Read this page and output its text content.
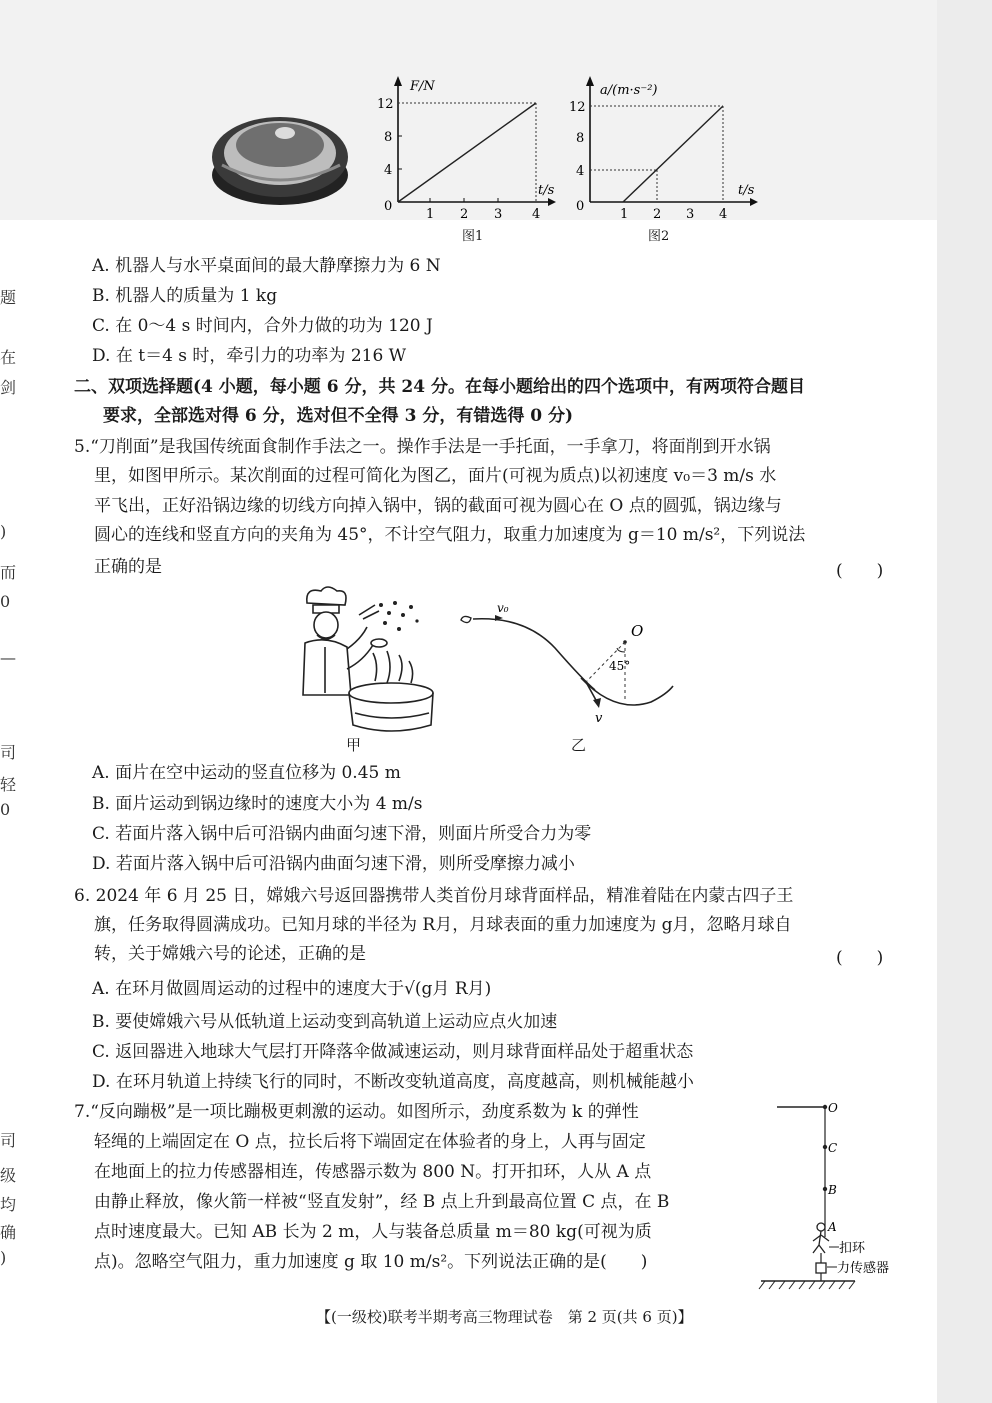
F/N
t/s
0
1 2 3 4
4
8
12
图1
a/(m·s⁻²)
t/s
0
1 2 3 4
4
8
12
图2
题
在
剑
)
而
0
—
司
轻
0
司
级
均
确
)
A. 机器人与水平桌面间的最大静摩擦力为 6 N
B. 机器人的质量为 1 kg
C. 在 0～4 s 时间内，合外力做的功为 120 J
D. 在 t＝4 s 时，牵引力的功率为 216 W
二、双项选择题(4 小题，每小题 6 分，共 24 分。在每小题给出的四个选项中，有两项符合题目
要求，全部选对得 6 分，选对但不全得 3 分，有错选得 0 分)
5.“刀削面”是我国传统面食制作手法之一。操作手法是一手托面，一手拿刀，将面削到开水锅
里，如图甲所示。某次削面的过程可简化为图乙，面片(可视为质点)以初速度 v₀＝3 m/s 水
平飞出，正好沿锅边缘的切线方向掉入锅中，锅的截面可视为圆心在 O 点的圆弧，锅边缘与
圆心的连线和竖直方向的夹角为 45°，不计空气阻力，取重力加速度为 g＝10 m/s²，下列说法
正确的是	(　　)
甲
v₀
O
45°
v
乙
A. 面片在空中运动的竖直位移为 0.45 m
B. 面片运动到锅边缘时的速度大小为 4 m/s
C. 若面片落入锅中后可沿锅内曲面匀速下滑，则面片所受合力为零
D. 若面片落入锅中后可沿锅内曲面匀速下滑，则所受摩擦力减小
6. 2024 年 6 月 25 日，嫦娥六号返回器携带人类首份月球背面样品，精准着陆在内蒙古四子王
旗，任务取得圆满成功。已知月球的半径为 R月，月球表面的重力加速度为 g月，忽略月球自
转，关于嫦娥六号的论述，正确的是	(　　)
A. 在环月做圆周运动的过程中的速度大于√(g月 R月)
B. 要使嫦娥六号从低轨道上运动变到高轨道上运动应点火加速
C. 返回器进入地球大气层打开降落伞做减速运动，则月球背面样品处于超重状态
D. 在环月轨道上持续飞行的同时，不断改变轨道高度，高度越高，则机械能越小
7.“反向蹦极”是一项比蹦极更刺激的运动。如图所示，劲度系数为 k 的弹性
轻绳的上端固定在 O 点，拉长后将下端固定在体验者的身上，人再与固定
在地面上的拉力传感器相连，传感器示数为 800 N。打开扣环，人从 A 点
由静止释放，像火箭一样被“竖直发射”，经 B 点上升到最高位置 C 点，在 B
点时速度最大。已知 AB 长为 2 m，人与装备总质量 m＝80 kg(可视为质
点)。忽略空气阻力，重力加速度 g 取 10 m/s²。下列说法正确的是(　　)
O
C
B
A
扣环
力传感器
【(一级校)联考半期考高三物理试卷　第 2 页(共 6 页)】
